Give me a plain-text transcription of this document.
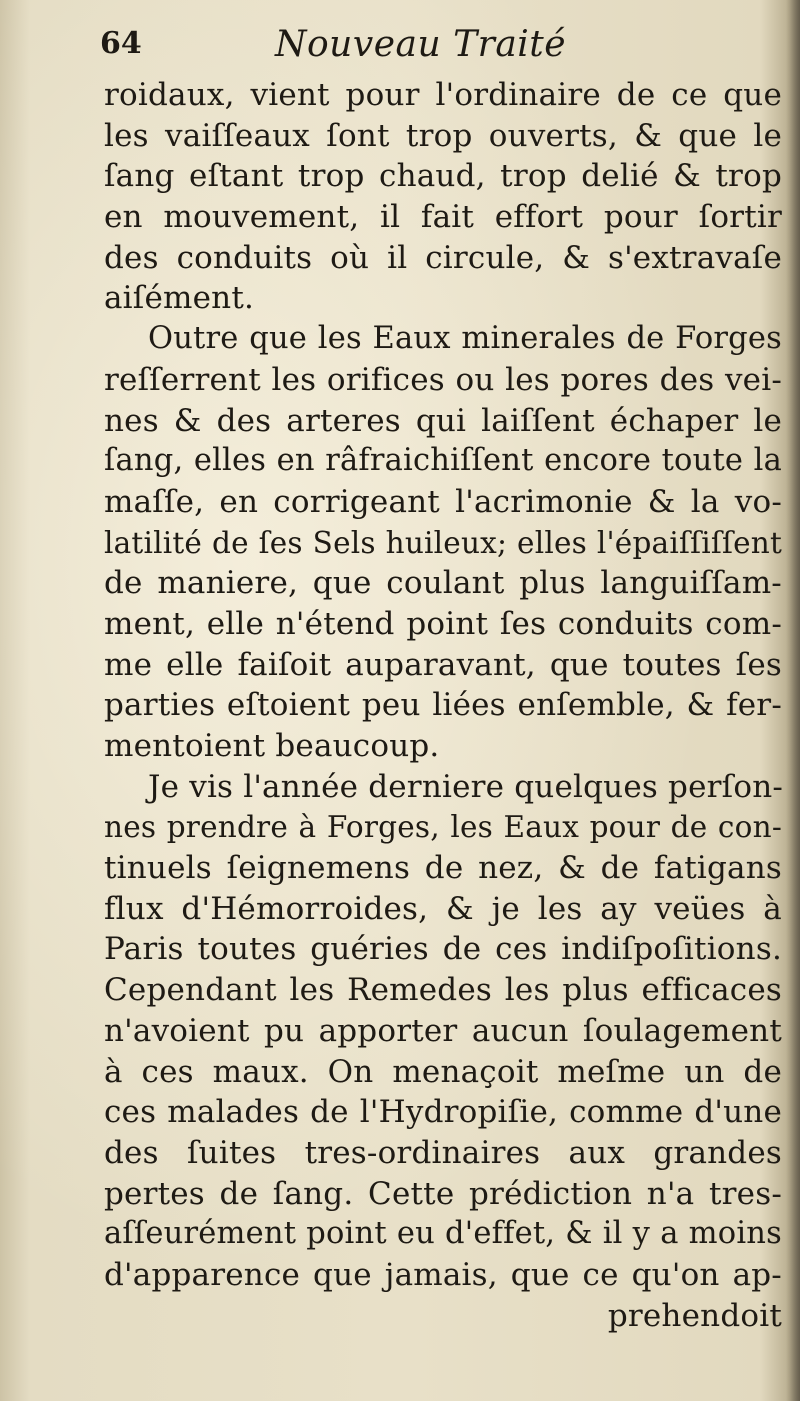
64	Nouveau Traité
roidaux, vient pour l'ordinaire de ce que
les vaiſſeaux ſont trop ouverts, & que le
ſang eſtant trop chaud, trop delié & trop
en mouvement, il fait effort pour ſortir
des conduits où il circule, & s'extravaſe
aiſément.
Outre que les Eaux minerales de Forges
reſſerrent les orifices ou les pores des vei-
nes & des arteres qui laiſſent échaper le
ſang, elles en râfraichiſſent encore toute la
maſſe, en corrigeant l'acrimonie & la vo-
latilité de ſes Sels huileux; elles l'épaiſſiſſent
de maniere, que coulant plus languiſſam-
ment, elle n'étend point ſes conduits com-
me elle faiſoit auparavant, que toutes ſes
parties eſtoient peu liées enſemble, & fer-
mentoient beaucoup.
Je vis l'année derniere quelques perſon-
nes prendre à Forges, les Eaux pour de con-
tinuels ſeignemens de nez, & de fatigans
flux d'Hémorroides, & je les ay veües à
Paris toutes guéries de ces indiſpoſitions.
Cependant les Remedes les plus efficaces
n'avoient pu apporter aucun ſoulagement
à ces maux. On menaçoit meſme un de
ces malades de l'Hydropiſie, comme d'une
des ſuites tres-ordinaires aux grandes
pertes de ſang. Cette prédiction n'a tres-
aſſeurément point eu d'effet, & il y a moins
d'apparence que jamais, que ce qu'on ap-
prehendoit
